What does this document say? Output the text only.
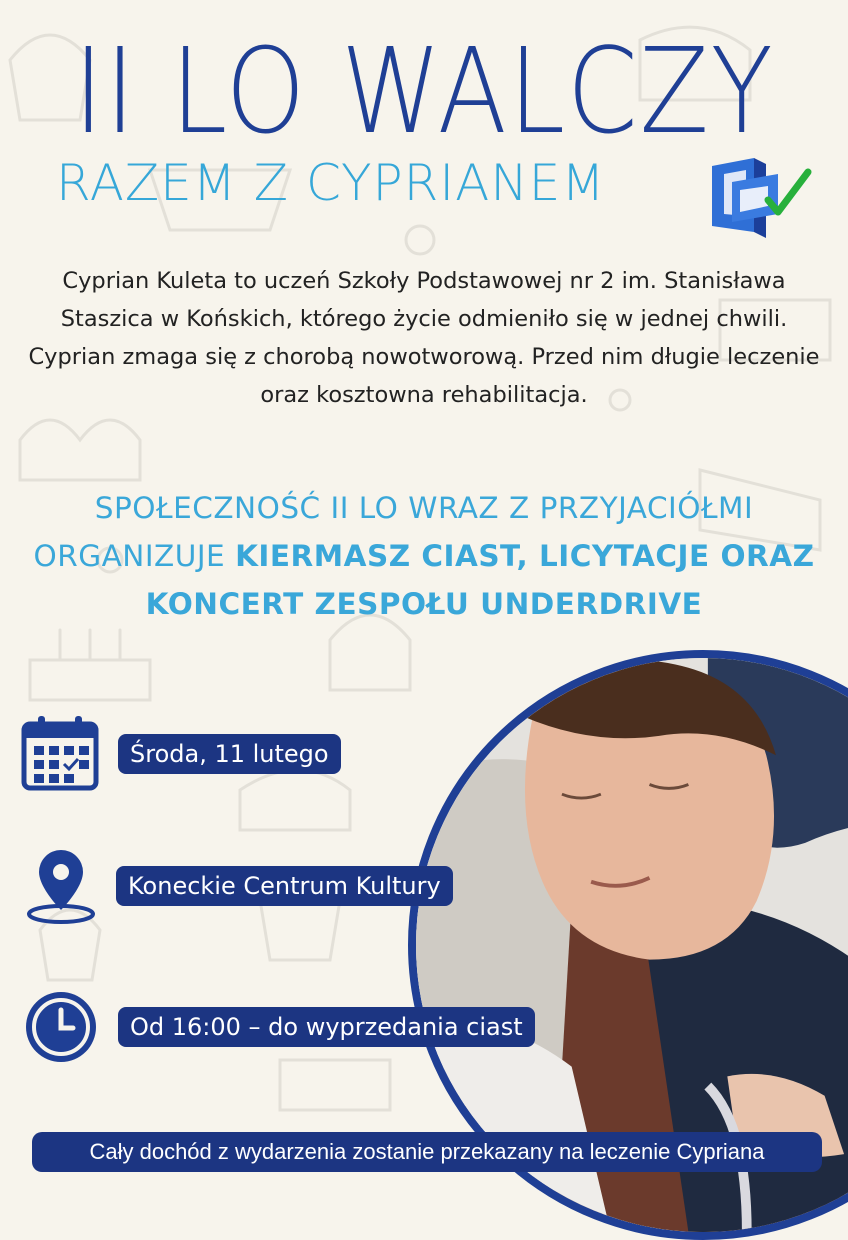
II LO WALCZY
RAZEM Z CYPRIANEM
Cyprian Kuleta to uczeń Szkoły Podstawowej nr 2 im. Stanisława Staszica w Końskich, którego życie odmieniło się w jednej chwili. Cyprian zmaga się z chorobą nowotworową. Przed nim długie leczenie oraz kosztowna rehabilitacja.
SPOŁECZNOŚĆ II LO WRAZ Z PRZYJACIÓŁMI ORGANIZUJE KIERMASZ CIAST, LICYTACJE ORAZ KONCERT ZESPOŁU UNDERDRIVE
Środa, 11 lutego
Koneckie Centrum Kultury
Od 16:00 – do wyprzedania ciast
Cały dochód z wydarzenia zostanie przekazany na leczenie Cypriana
